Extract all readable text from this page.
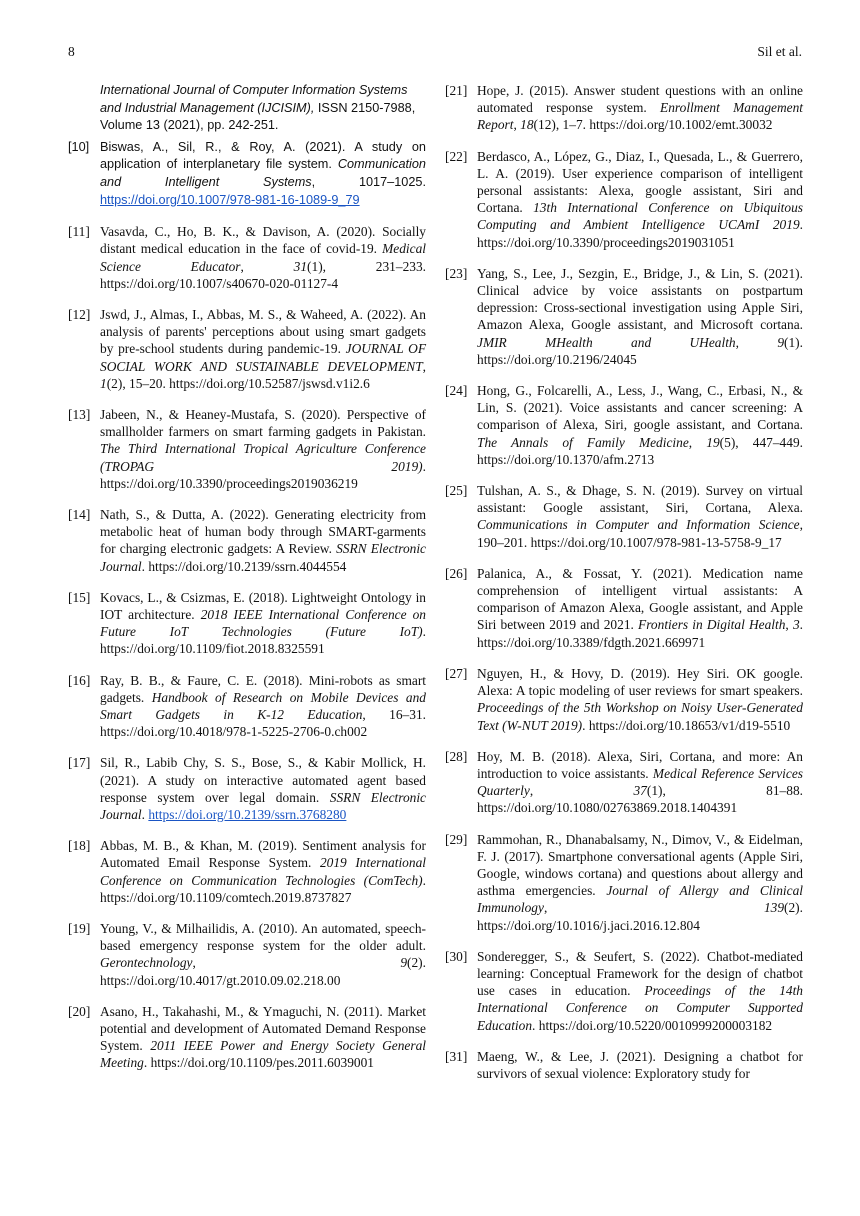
8	Sil et al.
International Journal of Computer Information Systems and Industrial Management (IJCISIM), ISSN 2150-7988, Volume 13 (2021), pp. 242-251.
[10] Biswas, A., Sil, R., & Roy, A. (2021). A study on application of interplanetary file system. Communication and Intelligent Systems, 1017–1025. https://doi.org/10.1007/978-981-16-1089-9_79
[11] Vasavda, C., Ho, B. K., & Davison, A. (2020). Socially distant medical education in the face of covid-19. Medical Science Educator, 31(1), 231–233. https://doi.org/10.1007/s40670-020-01127-4
[12] Jswd, J., Almas, I., Abbas, M. S., & Waheed, A. (2022). An analysis of parents' perceptions about using smart gadgets by pre-school students during pandemic-19. JOURNAL OF SOCIAL WORK AND SUSTAINABLE DEVELOPMENT, 1(2), 15–20. https://doi.org/10.52587/jswsd.v1i2.6
[13] Jabeen, N., & Heaney-Mustafa, S. (2020). Perspective of smallholder farmers on smart farming gadgets in Pakistan. The Third International Tropical Agriculture Conference (TROPAG 2019). https://doi.org/10.3390/proceedings2019036219
[14] Nath, S., & Dutta, A. (2022). Generating electricity from metabolic heat of human body through SMART-garments for charging electronic gadgets: A Review. SSRN Electronic Journal. https://doi.org/10.2139/ssrn.4044554
[15] Kovacs, L., & Csizmas, E. (2018). Lightweight Ontology in IOT architecture. 2018 IEEE International Conference on Future IoT Technologies (Future IoT). https://doi.org/10.1109/fiot.2018.8325591
[16] Ray, B. B., & Faure, C. E. (2018). Mini-robots as smart gadgets. Handbook of Research on Mobile Devices and Smart Gadgets in K-12 Education, 16–31. https://doi.org/10.4018/978-1-5225-2706-0.ch002
[17] Sil, R., Labib Chy, S. S., Bose, S., & Kabir Mollick, H. (2021). A study on interactive automated agent based response system over legal domain. SSRN Electronic Journal. https://doi.org/10.2139/ssrn.3768280
[18] Abbas, M. B., & Khan, M. (2019). Sentiment analysis for Automated Email Response System. 2019 International Conference on Communication Technologies (ComTech). https://doi.org/10.1109/comtech.2019.8737827
[19] Young, V., & Milhailidis, A. (2010). An automated, speech-based emergency response system for the older adult. Gerontechnology, 9(2). https://doi.org/10.4017/gt.2010.09.02.218.00
[20] Asano, H., Takahashi, M., & Ymaguchi, N. (2011). Market potential and development of Automated Demand Response System. 2011 IEEE Power and Energy Society General Meeting. https://doi.org/10.1109/pes.2011.6039001
[21] Hope, J. (2015). Answer student questions with an online automated response system. Enrollment Management Report, 18(12), 1–7. https://doi.org/10.1002/emt.30032
[22] Berdasco, A., López, G., Diaz, I., Quesada, L., & Guerrero, L. A. (2019). User experience comparison of intelligent personal assistants: Alexa, google assistant, Siri and Cortana. 13th International Conference on Ubiquitous Computing and Ambient Intelligence UCAmI 2019. https://doi.org/10.3390/proceedings2019031051
[23] Yang, S., Lee, J., Sezgin, E., Bridge, J., & Lin, S. (2021). Clinical advice by voice assistants on postpartum depression: Cross-sectional investigation using Apple Siri, Amazon Alexa, Google assistant, and Microsoft cortana. JMIR MHealth and UHealth, 9(1). https://doi.org/10.2196/24045
[24] Hong, G., Folcarelli, A., Less, J., Wang, C., Erbasi, N., & Lin, S. (2021). Voice assistants and cancer screening: A comparison of Alexa, Siri, google assistant, and Cortana. The Annals of Family Medicine, 19(5), 447–449. https://doi.org/10.1370/afm.2713
[25] Tulshan, A. S., & Dhage, S. N. (2019). Survey on virtual assistant: Google assistant, Siri, Cortana, Alexa. Communications in Computer and Information Science, 190–201. https://doi.org/10.1007/978-981-13-5758-9_17
[26] Palanica, A., & Fossat, Y. (2021). Medication name comprehension of intelligent virtual assistants: A comparison of Amazon Alexa, Google assistant, and Apple Siri between 2019 and 2021. Frontiers in Digital Health, 3. https://doi.org/10.3389/fdgth.2021.669971
[27] Nguyen, H., & Hovy, D. (2019). Hey Siri. OK google. Alexa: A topic modeling of user reviews for smart speakers. Proceedings of the 5th Workshop on Noisy User-Generated Text (W-NUT 2019). https://doi.org/10.18653/v1/d19-5510
[28] Hoy, M. B. (2018). Alexa, Siri, Cortana, and more: An introduction to voice assistants. Medical Reference Services Quarterly, 37(1), 81–88. https://doi.org/10.1080/02763869.2018.1404391
[29] Rammohan, R., Dhanabalsamy, N., Dimov, V., & Eidelman, F. J. (2017). Smartphone conversational agents (Apple Siri, Google, windows cortana) and questions about allergy and asthma emergencies. Journal of Allergy and Clinical Immunology, 139(2). https://doi.org/10.1016/j.jaci.2016.12.804
[30] Sonderegger, S., & Seufert, S. (2022). Chatbot-mediated learning: Conceptual Framework for the design of chatbot use cases in education. Proceedings of the 14th International Conference on Computer Supported Education. https://doi.org/10.5220/0010999200003182
[31] Maeng, W., & Lee, J. (2021). Designing a chatbot for survivors of sexual violence: Exploratory study for
